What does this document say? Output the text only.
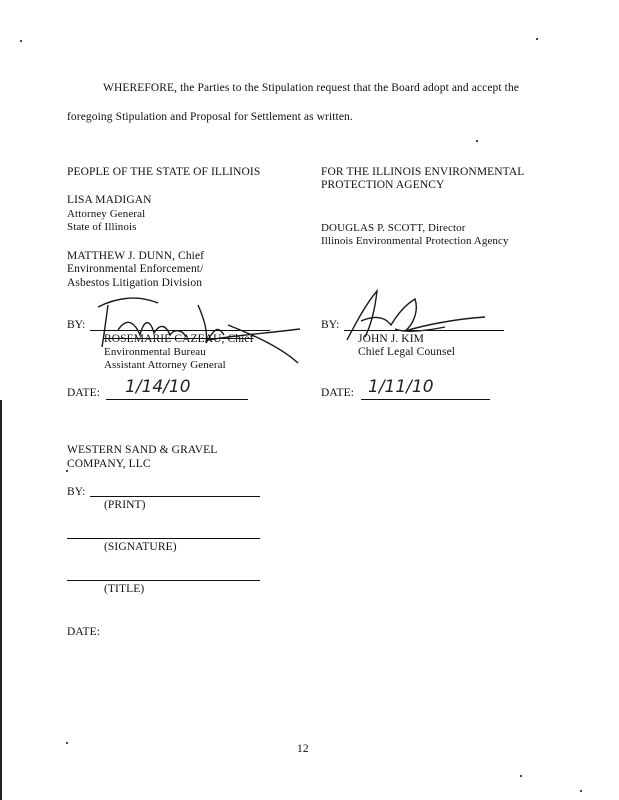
WHEREFORE, the Parties to the Stipulation request that the Board adopt and accept the
foregoing Stipulation and Proposal for Settlement as written.
PEOPLE OF THE STATE OF ILLINOIS
LISA MADIGAN
Attorney General
State of Illinois
MATTHEW J. DUNN, Chief
Environmental Enforcement/
Asbestos Litigation Division
BY:
ROSEMARIE CAZEAU, Chief
Environmental Bureau
Assistant Attorney General
DATE: 1/14/10
FOR THE ILLINOIS ENVIRONMENTAL
PROTECTION AGENCY
DOUGLAS P. SCOTT, Director
Illinois Environmental Protection Agency
BY:
JOHN J. KIM
Chief Legal Counsel
DATE: 1/11/10
WESTERN SAND & GRAVEL
COMPANY, LLC
BY:
(PRINT)
(SIGNATURE)
(TITLE)
DATE:
12
